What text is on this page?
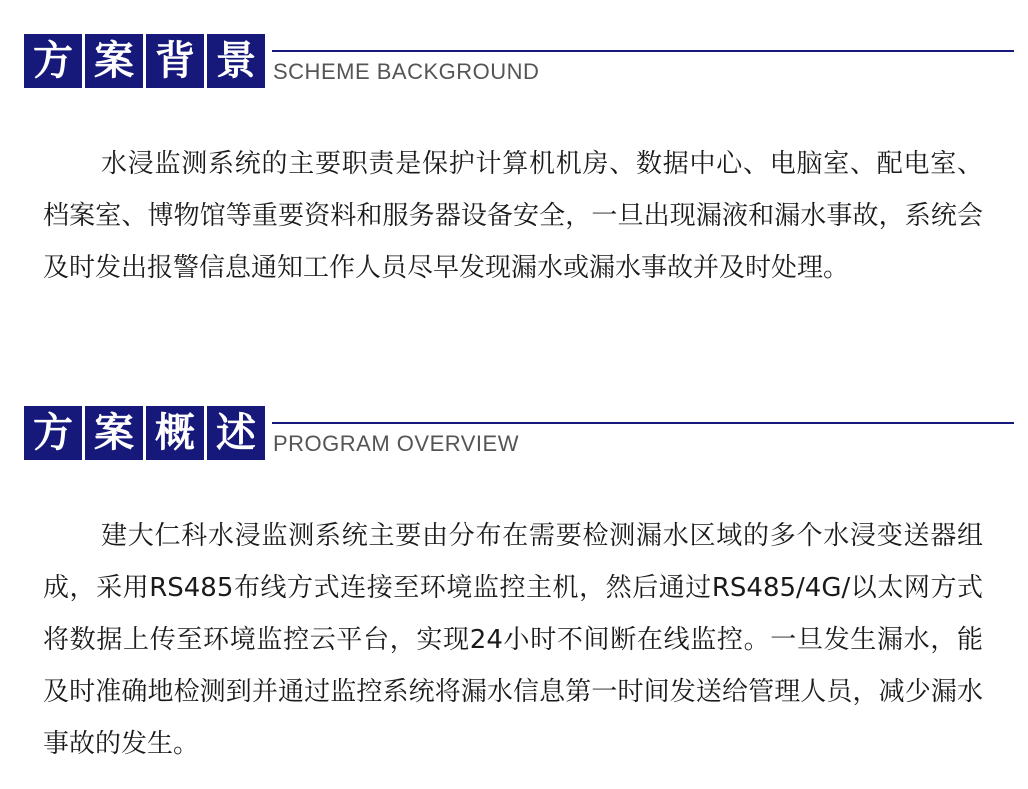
方 案 背 景 SCHEME BACKGROUND

水浸监测系统的主要职责是保护计算机机房、数据中心、电脑室、配电室、档案室、博物馆等重要资料和服务器设备安全，一旦出现漏液和漏水事故，系统会及时发出报警信息通知工作人员尽早发现漏水或漏水事故并及时处理。

方 案 概 述 PROGRAM OVERVIEW

建大仁科水浸监测系统主要由分布在需要检测漏水区域的多个水浸变送器组成，采用RS485布线方式连接至环境监控主机，然后通过RS485/4G/以太网方式将数据上传至环境监控云平台，实现24小时不间断在线监控。一旦发生漏水，能及时准确地检测到并通过监控系统将漏水信息第一时间发送给管理人员，减少漏水事故的发生。
